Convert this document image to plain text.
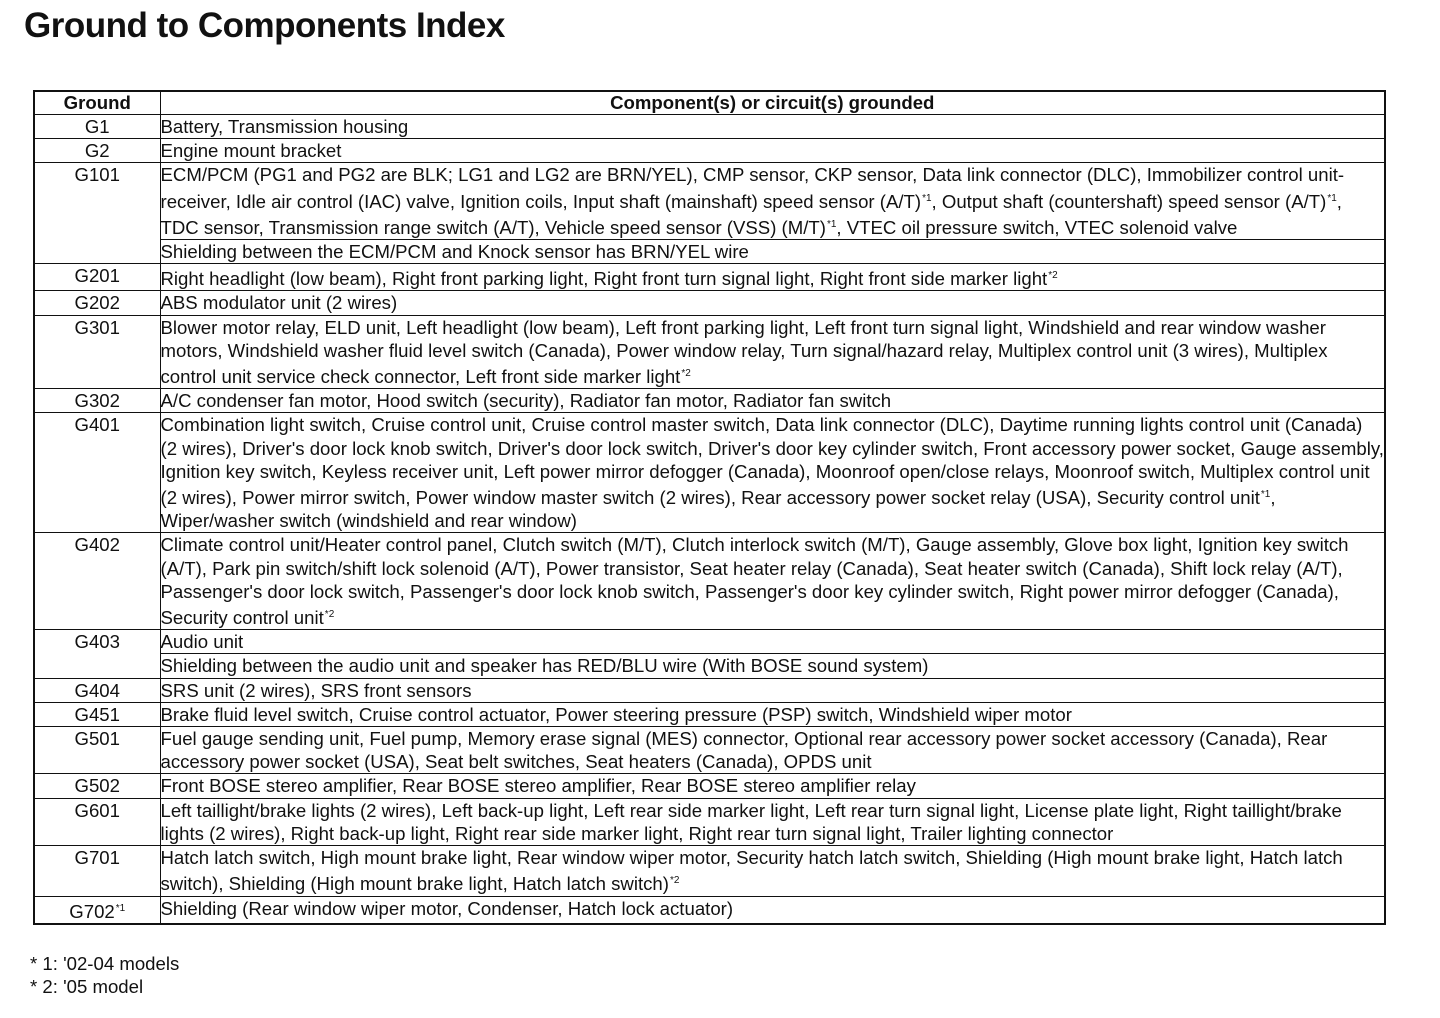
Ground to Components Index
Ground	Component(s) or circuit(s) grounded
G1	Battery, Transmission housing
G2	Engine mount bracket
G101	ECM/PCM (PG1 and PG2 are BLK; LG1 and LG2 are BRN/YEL), CMP sensor, CKP sensor, Data link connector (DLC), Immobilizer control unit-receiver, Idle air control (IAC) valve, Ignition coils, Input shaft (mainshaft) speed sensor (A/T)$^{*1}$, Output shaft (countershaft) speed sensor (A/T)$^{*1}$, TDC sensor, Transmission range switch (A/T), Vehicle speed sensor (VSS) (M/T)$^{*1}$, VTEC oil pressure switch, VTEC solenoid valve
	Shielding between the ECM/PCM and Knock sensor has BRN/YEL wire
G201	Right headlight (low beam), Right front parking light, Right front turn signal light, Right front side marker light$^{*2}$
G202	ABS modulator unit (2 wires)
G301	Blower motor relay, ELD unit, Left headlight (low beam), Left front parking light, Left front turn signal light, Windshield and rear window washer motors, Windshield washer fluid level switch (Canada), Power window relay, Turn signal/hazard relay, Multiplex control unit (3 wires), Multiplex control unit service check connector, Left front side marker light$^{*2}$
G302	A/C condenser fan motor, Hood switch (security), Radiator fan motor, Radiator fan switch
G401	Combination light switch, Cruise control unit, Cruise control master switch, Data link connector (DLC), Daytime running lights control unit (Canada) (2 wires), Driver's door lock knob switch, Driver's door lock switch, Driver's door key cylinder switch, Front accessory power socket, Gauge assembly, Ignition key switch, Keyless receiver unit, Left power mirror defogger (Canada), Moonroof open/close relays, Moonroof switch, Multiplex control unit (2 wires), Power mirror switch, Power window master switch (2 wires), Rear accessory power socket relay (USA), Security control unit$^{*1}$, Wiper/washer switch (windshield and rear window)
G402	Climate control unit/Heater control panel, Clutch switch (M/T), Clutch interlock switch (M/T), Gauge assembly, Glove box light, Ignition key switch (A/T), Park pin switch/shift lock solenoid (A/T), Power transistor, Seat heater relay (Canada), Seat heater switch (Canada), Shift lock relay (A/T), Passenger's door lock switch, Passenger's door lock knob switch, Passenger's door key cylinder switch, Right power mirror defogger (Canada), Security control unit$^{*2}$
G403	Audio unit
	Shielding between the audio unit and speaker has RED/BLU wire (With BOSE sound system)
G404	SRS unit (2 wires), SRS front sensors
G451	Brake fluid level switch, Cruise control actuator, Power steering pressure (PSP) switch, Windshield wiper motor
G501	Fuel gauge sending unit, Fuel pump, Memory erase signal (MES) connector, Optional rear accessory power socket accessory (Canada), Rear accessory power socket (USA), Seat belt switches, Seat heaters (Canada), OPDS unit
G502	Front BOSE stereo amplifier, Rear BOSE stereo amplifier, Rear BOSE stereo amplifier relay
G601	Left taillight/brake lights (2 wires), Left back-up light, Left rear side marker light, Left rear turn signal light, License plate light, Right taillight/brake lights (2 wires), Right back-up light, Right rear side marker light, Right rear turn signal light, Trailer lighting connector
G701	Hatch latch switch, High mount brake light, Rear window wiper motor, Security hatch latch switch, Shielding (High mount brake light, Hatch latch switch), Shielding (High mount brake light, Hatch latch switch)$^{*2}$
G702$^{*1}$	Shielding (Rear window wiper motor, Condenser, Hatch lock actuator)
* 1: '02-04 models
* 2: '05 model
